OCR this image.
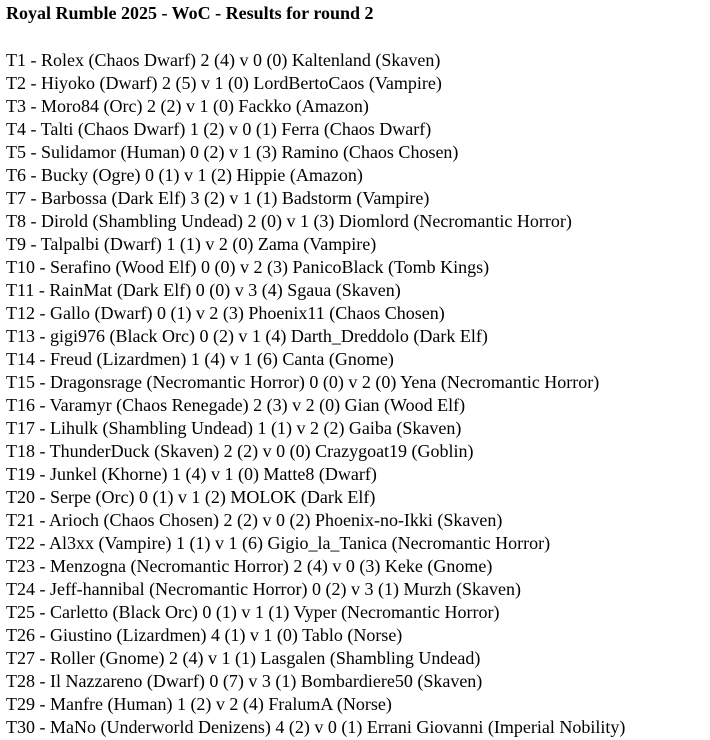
Royal Rumble 2025 - WoC - Results for round 2
T1 - Rolex (Chaos Dwarf) 2 (4) v 0 (0) Kaltenland (Skaven)
T2 - Hiyoko (Dwarf) 2 (5) v 1 (0) LordBertoCaos (Vampire)
T3 - Moro84 (Orc) 2 (2) v 1 (0) Fackko (Amazon)
T4 - Talti (Chaos Dwarf) 1 (2) v 0 (1) Ferra (Chaos Dwarf)
T5 - Sulidamor (Human) 0 (2) v 1 (3) Ramino (Chaos Chosen)
T6 - Bucky (Ogre) 0 (1) v 1 (2) Hippie (Amazon)
T7 - Barbossa (Dark Elf) 3 (2) v 1 (1) Badstorm (Vampire)
T8 - Dirold (Shambling Undead) 2 (0) v 1 (3) Diomlord (Necromantic Horror)
T9 - Talpalbi (Dwarf) 1 (1) v 2 (0) Zama (Vampire)
T10 - Serafino (Wood Elf) 0 (0) v 2 (3) PanicoBlack (Tomb Kings)
T11 - RainMat (Dark Elf) 0 (0) v 3 (4) Sgaua (Skaven)
T12 - Gallo (Dwarf) 0 (1) v 2 (3) Phoenix11 (Chaos Chosen)
T13 - gigi976 (Black Orc) 0 (2) v 1 (4) Darth_Dreddolo (Dark Elf)
T14 - Freud (Lizardmen) 1 (4) v 1 (6) Canta (Gnome)
T15 - Dragonsrage (Necromantic Horror) 0 (0) v 2 (0) Yena (Necromantic Horror)
T16 - Varamyr (Chaos Renegade) 2 (3) v 2 (0) Gian (Wood Elf)
T17 - Lihulk (Shambling Undead) 1 (1) v 2 (2) Gaiba (Skaven)
T18 - ThunderDuck (Skaven) 2 (2) v 0 (0) Crazygoat19 (Goblin)
T19 - Junkel (Khorne) 1 (4) v 1 (0) Matte8 (Dwarf)
T20 - Serpe (Orc) 0 (1) v 1 (2) MOLOK (Dark Elf)
T21 - Arioch (Chaos Chosen) 2 (2) v 0 (2) Phoenix-no-Ikki (Skaven)
T22 - Al3xx (Vampire) 1 (1) v 1 (6) Gigio_la_Tanica (Necromantic Horror)
T23 - Menzogna (Necromantic Horror) 2 (4) v 0 (3) Keke (Gnome)
T24 - Jeff-hannibal (Necromantic Horror) 0 (2) v 3 (1) Murzh (Skaven)
T25 - Carletto (Black Orc) 0 (1) v 1 (1) Vyper (Necromantic Horror)
T26 - Giustino (Lizardmen) 4 (1) v 1 (0) Tablo (Norse)
T27 - Roller (Gnome) 2 (4) v 1 (1) Lasgalen (Shambling Undead)
T28 - Il Nazzareno (Dwarf) 0 (7) v 3 (1) Bombardiere50 (Skaven)
T29 - Manfre (Human) 1 (2) v 2 (4) FralumA (Norse)
T30 - MaNo (Underworld Denizens) 4 (2) v 0 (1) Errani Giovanni (Imperial Nobility)
